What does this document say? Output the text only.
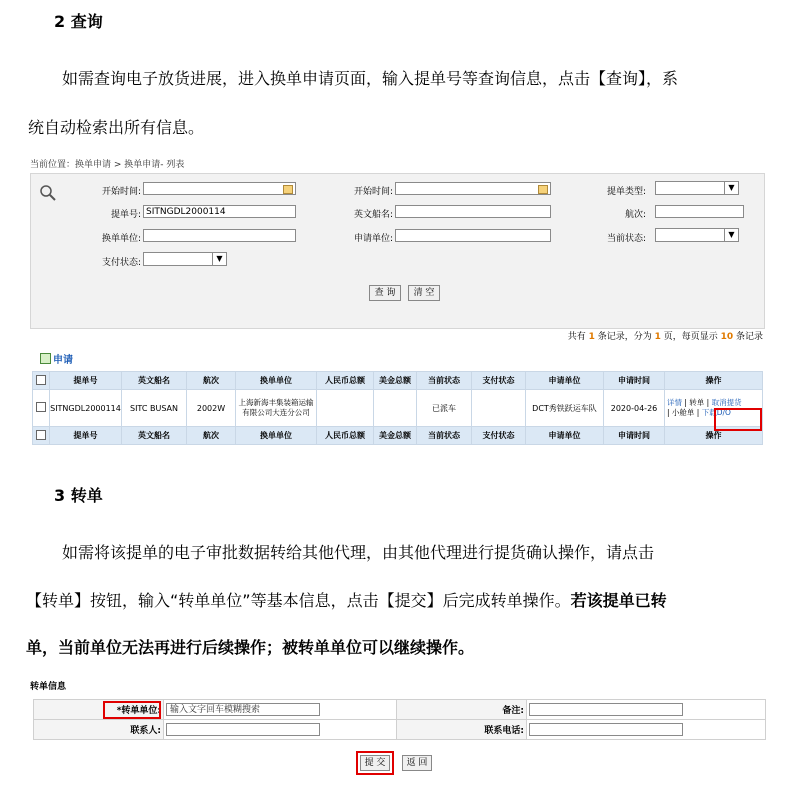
2 查询
如需查询电子放货进展，进入换单申请页面，输入提单号等查询信息，点击【查询】，系
统自动检索出所有信息。
当前位置：换单申请 > 换单申请- 列表
开始时间:	开始时间:	提单类型:	▼
提单号: SITNGDL2000114	英文船名:	航次:
换单单位:	申请单位:	当前状态:	▼
支付状态:	▼
查 询	清 空
共有 1 条记录，分为 1 页，每页显示 10 条记录
申请
	提单号	英文船名	航次	换单单位	人民币总额	美金总额	当前状态	支付状态	申请单位	申请时间	操作
	SITNGDL2000114	SITC BUSAN	2002W	上海新海丰集装箱运输有限公司大连分公司			已派车		DCT秀铁跃运车队	2020-04-26	详情 | 转单 | 取消提货
| 小舱单 | 下载D/O
	提单号	英文船名	航次	换单单位	人民币总额	美金总额	当前状态	支付状态	申请单位	申请时间	操作
3 转单
如需将该提单的电子审批数据转给其他代理，由其他代理进行提货确认操作，请点击
【转单】按钮，输入“转单单位”等基本信息，点击【提交】后完成转单操作。若该提单已转
单，当前单位无法再进行后续操作；被转单单位可以继续操作。
转单信息
*转单单位:	输入文字回车模糊搜索	备注:	
联系人:		联系电话:	
提 交	返 回
